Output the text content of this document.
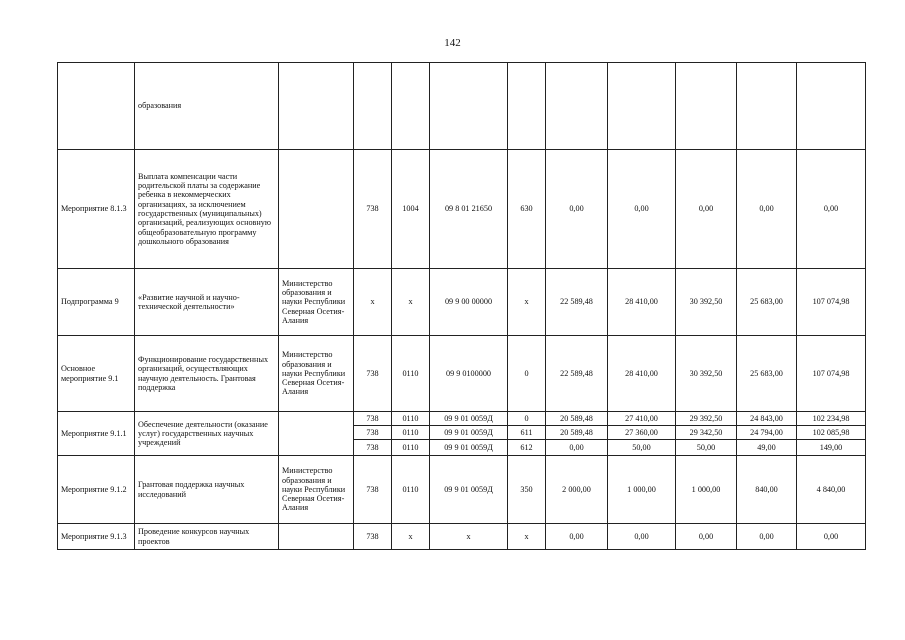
142
	образования										
Мероприятие 8.1.3	Выплата компенсации части родительской платы за содержание ребенка в некоммерческих организациях, за исключением государственных (муниципальных) организаций, реализующих основную общеобразовательную программу дошкольного образования		738	1004	09 8 01 21650	630	0,00	0,00	0,00	0,00	0,00
Подпрограмма 9	«Развитие научной и научно-технической деятельности»	Министерство образования и науки Республики Северная Осетия-Алания	х	х	09 9 00 00000	х	22 589,48	28 410,00	30 392,50	25 683,00	107 074,98
Основное мероприятие 9.1	Функционирование государственных организаций, осуществляющих научную деятельность. Грантовая поддержка	Министерство образования и науки Республики Северная Осетия-Алания	738	0110	09 9 0100000	0	22 589,48	28 410,00	30 392,50	25 683,00	107 074,98
Мероприятие 9.1.1	Обеспечение деятельности (оказание услуг) государственных научных учреждений		738	0110	09 9 01 0059Д	0	20 589,48	27 410,00	29 392,50	24 843,00	102 234,98
			738	0110	09 9 01 0059Д	611	20 589,48	27 360,00	29 342,50	24 794,00	102 085,98
			738	0110	09 9 01 0059Д	612	0,00	50,00	50,00	49,00	149,00
Мероприятие 9.1.2	Грантовая поддержка научных исследований	Министерство образования и науки Республики Северная Осетия-Алания	738	0110	09 9 01 0059Д	350	2 000,00	1 000,00	1 000,00	840,00	4 840,00
Мероприятие 9.1.3	Проведение конкурсов научных проектов		738	х	х	х	0,00	0,00	0,00	0,00	0,00
